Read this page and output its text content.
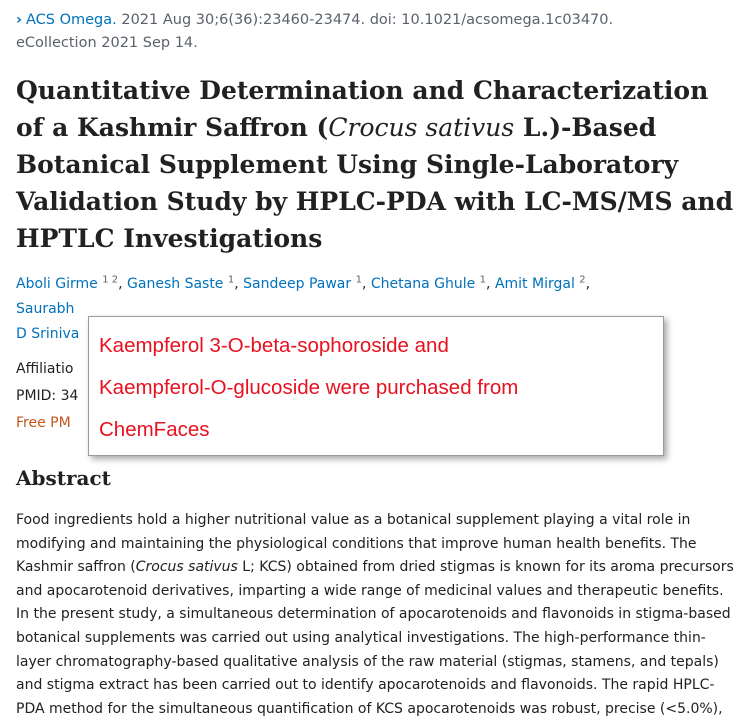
› ACS Omega. 2021 Aug 30;6(36):23460-23474. doi: 10.1021/acsomega.1c03470.
eCollection 2021 Sep 14.
Quantitative Determination and Characterization of a Kashmir Saffron (Crocus sativus L.)-Based Botanical Supplement Using Single-Laboratory Validation Study by HPLC-PDA with LC-MS/MS and HPTLC Investigations
Aboli Girme $^{1 2}$, Ganesh Saste $^1$, Sandeep Pawar $^1$, Chetana Ghule $^1$, Amit Mirgal $^2$,
Saurabh
D Sriniva
Affiliatio
PMID: 34
Free PM
Kaempferol 3-O-beta-sophoroside and
Kaempferol-O-glucoside were purchased from
ChemFaces
Abstract

Food ingredients hold a higher nutritional value as a botanical supplement playing a vital role in modifying and maintaining the physiological conditions that improve human health benefits. The Kashmir saffron (Crocus sativus L; KCS) obtained from dried stigmas is known for its aroma precursors and apocarotenoid derivatives, imparting a wide range of medicinal values and therapeutic benefits. In the present study, a simultaneous determination of apocarotenoids and flavonoids in stigma-based botanical supplements was carried out using analytical investigations. The high-performance thin-layer chromatography-based qualitative analysis of the raw material (stigmas, stamens, and tepals) and stigma extract has been carried out to identify apocarotenoids and flavonoids. The rapid HPLC-PDA method for the simultaneous quantification of KCS apocarotenoids was robust, precise (<5.0%),
